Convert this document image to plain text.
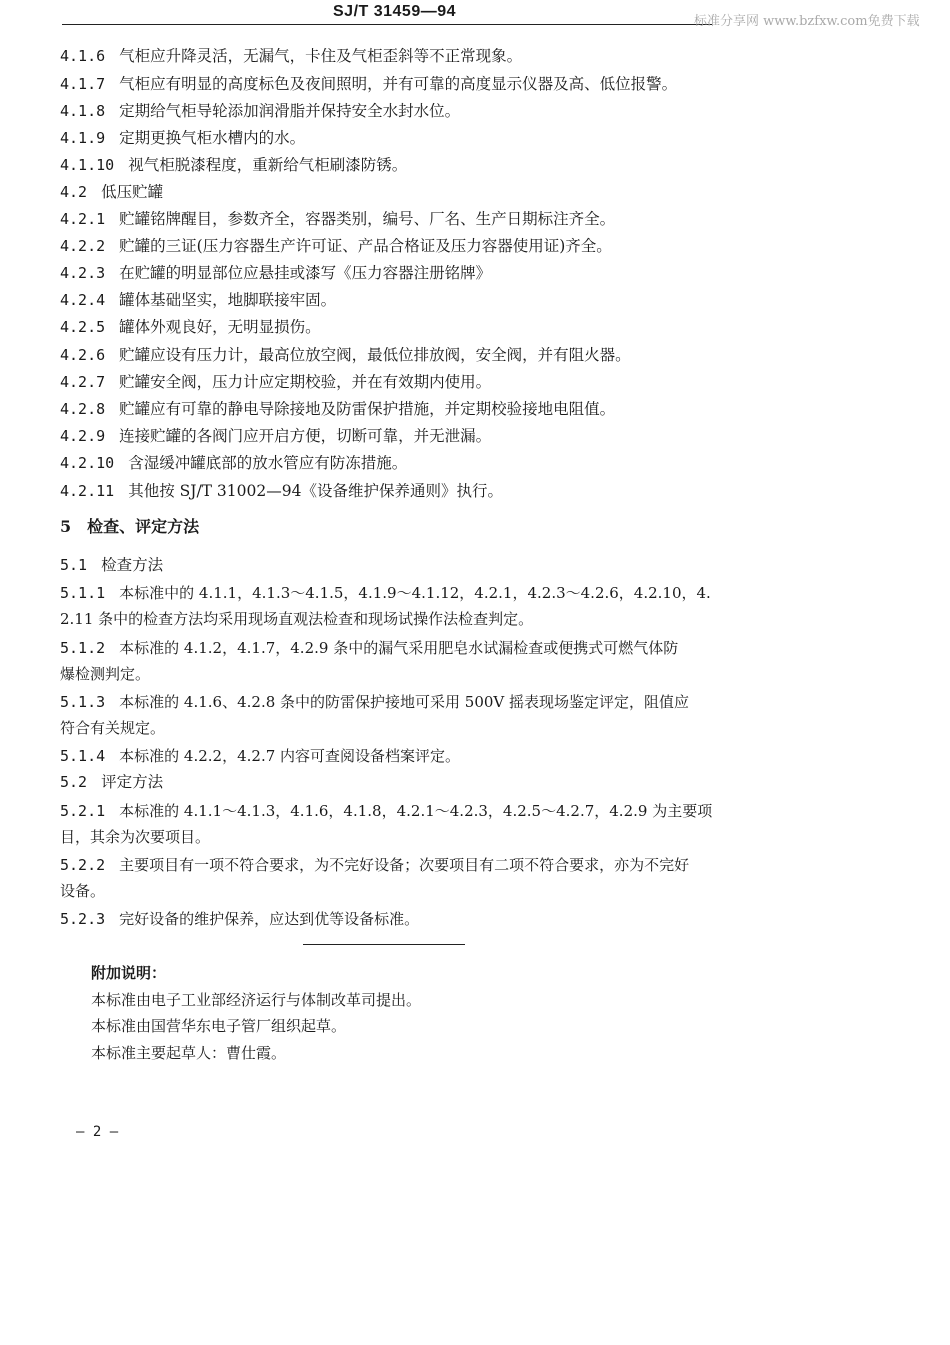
SJ/T 31459—94
标准分享网 www.bzfxw.com免费下载
4.1.6 气柜应升降灵活，无漏气，卡住及气柜歪斜等不正常现象。
4.1.7 气柜应有明显的高度标色及夜间照明，并有可靠的高度显示仪器及高、低位报警。
4.1.8 定期给气柜导轮添加润滑脂并保持安全水封水位。
4.1.9 定期更换气柜水槽内的水。
4.1.10 视气柜脱漆程度，重新给气柜刷漆防锈。
4.2 低压贮罐
4.2.1 贮罐铭牌醒目，参数齐全，容器类别，编号、厂名、生产日期标注齐全。
4.2.2 贮罐的三证(压力容器生产许可证、产品合格证及压力容器使用证)齐全。
4.2.3 在贮罐的明显部位应悬挂或漆写《压力容器注册铭牌》
4.2.4 罐体基础坚实，地脚联接牢固。
4.2.5 罐体外观良好，无明显损伤。
4.2.6 贮罐应设有压力计，最高位放空阀，最低位排放阀，安全阀，并有阻火器。
4.2.7 贮罐安全阀，压力计应定期校验，并在有效期内使用。
4.2.8 贮罐应有可靠的静电导除接地及防雷保护措施，并定期校验接地电阻值。
4.2.9 连接贮罐的各阀门应开启方便，切断可靠，并无泄漏。
4.2.10 含湿缓冲罐底部的放水管应有防冻措施。
4.2.11 其他按 SJ/T 31002—94《设备维护保养通则》执行。
5　检查、评定方法
5.1 检查方法
5.1.1 本标准中的 4.1.1，4.1.3～4.1.5，4.1.9～4.1.12，4.2.1，4.2.3～4.2.6，4.2.10，4.
2.11 条中的检查方法均采用现场直观法检查和现场试操作法检查判定。
5.1.2 本标准的 4.1.2，4.1.7，4.2.9 条中的漏气采用肥皂水试漏检查或便携式可燃气体防
爆检测判定。
5.1.3 本标准的 4.1.6、4.2.8 条中的防雷保护接地可采用 500V 摇表现场鉴定评定，阻值应
符合有关规定。
5.1.4 本标准的 4.2.2，4.2.7 内容可查阅设备档案评定。
5.2 评定方法
5.2.1 本标准的 4.1.1～4.1.3，4.1.6，4.1.8，4.2.1～4.2.3，4.2.5～4.2.7，4.2.9 为主要项
目，其余为次要项目。
5.2.2 主要项目有一项不符合要求，为不完好设备；次要项目有二项不符合要求，亦为不完好
设备。
5.2.3 完好设备的维护保养，应达到优等设备标准。
附加说明：
本标准由电子工业部经济运行与体制改革司提出。
本标准由国营华东电子管厂组织起草。
本标准主要起草人：曹仕霞。
— 2 —
